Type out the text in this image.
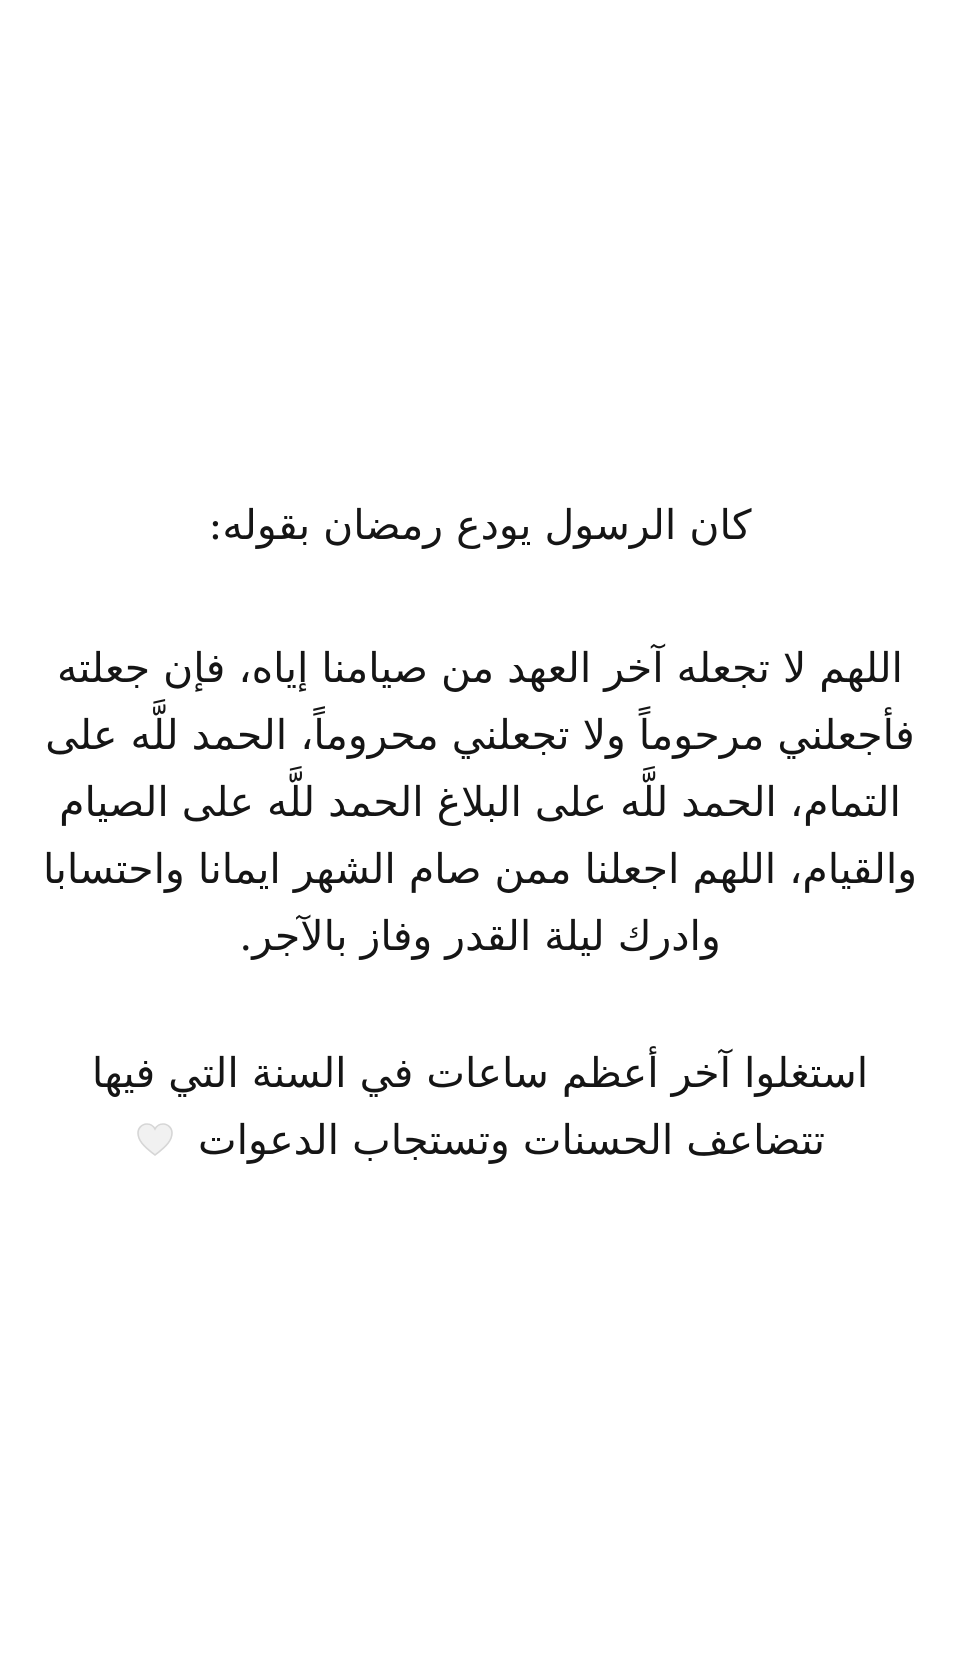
كان الرسول يودع رمضان بقوله:

اللهم لا تجعله آخر العهد من صيامنا إياه، فإن جعلته
فأجعلني مرحوماً ولا تجعلني محروماً، الحمد للَّه على
التمام، الحمد للَّه على البلاغ الحمد للَّه على الصيام
والقيام، اللهم اجعلنا ممن صام الشهر ايمانا واحتسابا
وادرك ليلة القدر وفاز بالآجر.

استغلوا آخر أعظم ساعات في السنة التي فيها
تتضاعف الحسنات وتستجاب الدعوات
